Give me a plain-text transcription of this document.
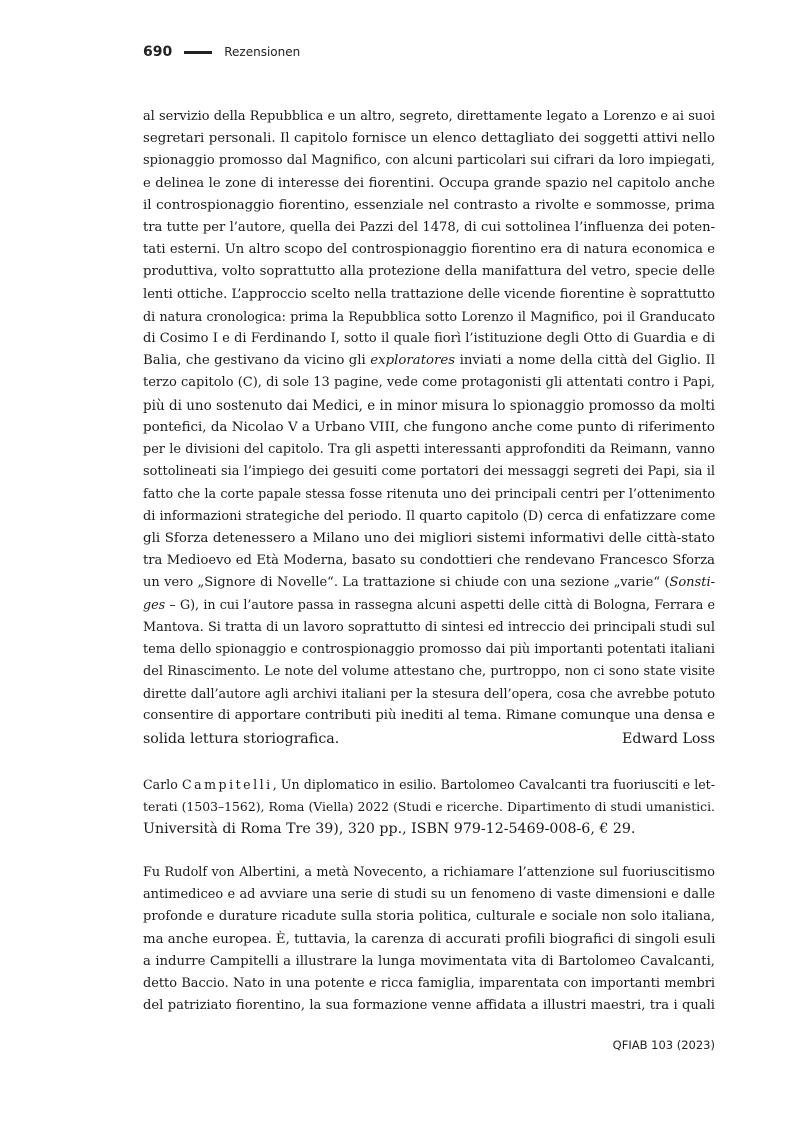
690	Rezensionen
al servizio della Repubblica e un altro, segreto, direttamente legato a Lorenzo e ai suoi
segretari personali. Il capitolo fornisce un elenco dettagliato dei soggetti attivi nello
spionaggio promosso dal Magnifico, con alcuni particolari sui cifrari da loro impiegati,
e delinea le zone di interesse dei fiorentini. Occupa grande spazio nel capitolo anche
il controspionaggio fiorentino, essenziale nel contrasto a rivolte e sommosse, prima
tra tutte per l’autore, quella dei Pazzi del 1478, di cui sottolinea l’influenza dei poten-
tati esterni. Un altro scopo del controspionaggio fiorentino era di natura economica e
produttiva, volto soprattutto alla protezione della manifattura del vetro, specie delle
lenti ottiche. L’approccio scelto nella trattazione delle vicende fiorentine è soprattutto
di natura cronologica: prima la Repubblica sotto Lorenzo il Magnifico, poi il Granducato
di Cosimo I e di Ferdinando I, sotto il quale fiorì l’istituzione degli Otto di Guardia e di
Balia, che gestivano da vicino gli exploratores inviati a nome della città del Giglio. Il
terzo capitolo (C), di sole 13 pagine, vede come protagonisti gli attentati contro i Papi,
più di uno sostenuto dai Medici, e in minor misura lo spionaggio promosso da molti
pontefici, da Nicolao V a Urbano VIII, che fungono anche come punto di riferimento
per le divisioni del capitolo. Tra gli aspetti interessanti approfonditi da Reimann, vanno
sottolineati sia l’impiego dei gesuiti come portatori dei messaggi segreti dei Papi, sia il
fatto che la corte papale stessa fosse ritenuta uno dei principali centri per l’ottenimento
di informazioni strategiche del periodo. Il quarto capitolo (D) cerca di enfatizzare come
gli Sforza detenessero a Milano uno dei migliori sistemi informativi delle città-stato
tra Medioevo ed Età Moderna, basato su condottieri che rendevano Francesco Sforza
un vero „Signore di Novelle“. La trattazione si chiude con una sezione „varie“ (Sonsti-
ges – G), in cui l’autore passa in rassegna alcuni aspetti delle città di Bologna, Ferrara e
Mantova. Si tratta di un lavoro soprattutto di sintesi ed intreccio dei principali studi sul
tema dello spionaggio e controspionaggio promosso dai più importanti potentati italiani
del Rinascimento. Le note del volume attestano che, purtroppo, non ci sono state visite
dirette dall’autore agli archivi italiani per la stesura dell’opera, cosa che avrebbe potuto
consentire di apportare contributi più inediti al tema. Rimane comunque una densa e
solida lettura storiografica.	Edward Loss
Carlo Campitelli, Un diplomatico in esilio. Bartolomeo Cavalcanti tra fuoriusciti e let-
terati (1503–1562), Roma (Viella) 2022 (Studi e ricerche. Dipartimento di studi umanistici.
Università di Roma Tre 39), 320 pp., ISBN 979-12-5469-008-6, € 29.
Fu Rudolf von Albertini, a metà Novecento, a richiamare l’attenzione sul fuoriuscitismo
antimediceo e ad avviare una serie di studi su un fenomeno di vaste dimensioni e dalle
profonde e durature ricadute sulla storia politica, culturale e sociale non solo italiana,
ma anche europea. È, tuttavia, la carenza di accurati profili biografici di singoli esuli
a indurre Campitelli a illustrare la lunga movimentata vita di Bartolomeo Cavalcanti,
detto Baccio. Nato in una potente e ricca famiglia, imparentata con importanti membri
del patriziato fiorentino, la sua formazione venne affidata a illustri maestri, tra i quali
QFIAB 103 (2023)
